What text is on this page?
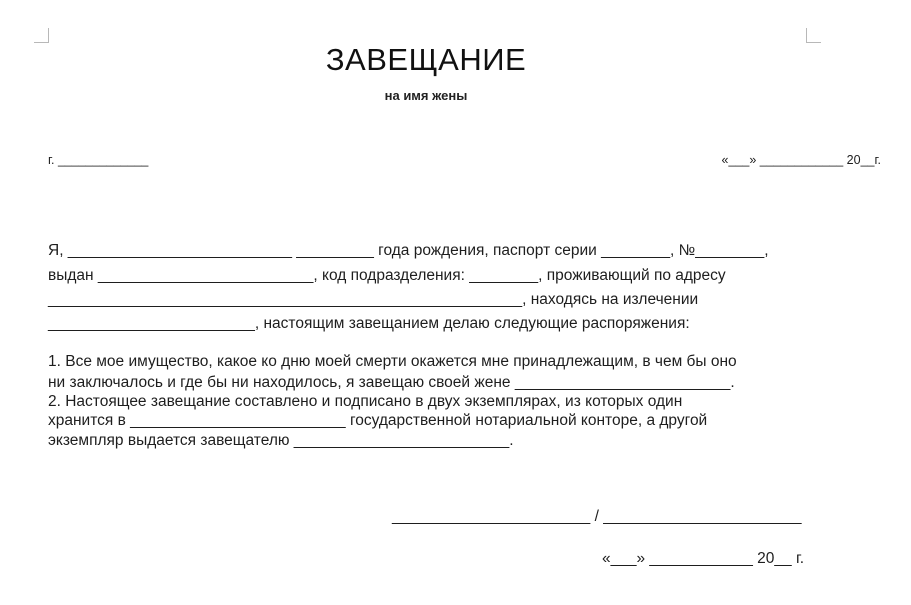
ЗАВЕЩАНИЕ
на имя жены
г. _____________	«___» ____________ 20__г.
Я, __________________________ _________ года рождения, паспорт серии ________, №________,
выдан _________________________, код подразделения: ________, проживающий по адресу
_______________________________________________________, находясь на излечении
________________________, настоящим завещанием делаю следующие распоряжения:
1. Все мое имущество, какое ко дню моей смерти окажется мне принадлежащим, в чем бы оно
ни заключалось и где бы ни находилось, я завещаю своей жене _________________________.
2. Настоящее завещание составлено и подписано в двух экземплярах, из которых один
хранится в _________________________ государственной нотариальной конторе, а другой
экземпляр выдается завещателю _________________________.
_______________________ / _______________________
«___» ____________ 20__ г.
